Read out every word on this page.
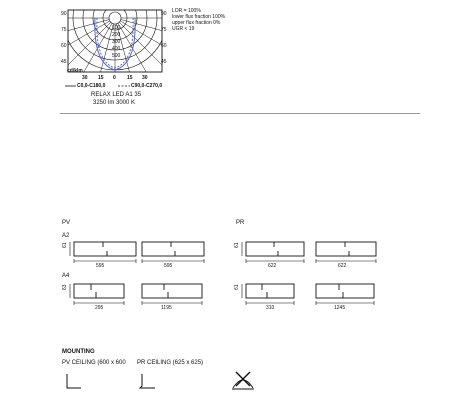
90
75
60
45
90
75
60
45
100
200
300
400
500
cd/klm
30 15 0 15 30
C0,0-C180,0	C90,0-C270,0
LOR = 100%
lower flux fraction 100%
upper flux fraction 0%
UGR < 19
RELAX LED A1 35
3250 lm 3000 K
PV	PR
A2
A4
61
63
61
61
595	595
295	1195
622	622
310	1245
MOUNTING
PV CEILING (600 x 600 PR CEILING (625 x 625)
